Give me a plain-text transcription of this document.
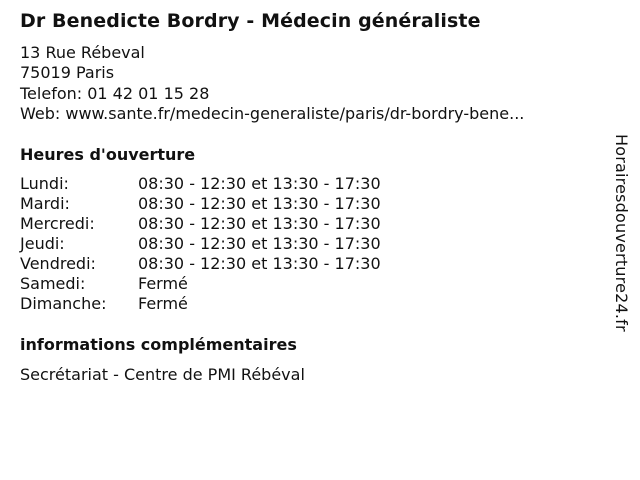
Dr Benedicte Bordry - Médecin généraliste
13 Rue Rébeval
75019 Paris
Telefon: 01 42 01 15 28
Web: www.sante.fr/medecin-generaliste/paris/dr-bordry-bene...
Heures d'ouverture
Lundi:	08:30 - 12:30 et 13:30 - 17:30
Mardi:	08:30 - 12:30 et 13:30 - 17:30
Mercredi:	08:30 - 12:30 et 13:30 - 17:30
Jeudi:	08:30 - 12:30 et 13:30 - 17:30
Vendredi:	08:30 - 12:30 et 13:30 - 17:30
Samedi:	Fermé
Dimanche:	Fermé
informations complémentaires
Secrétariat - Centre de PMI Rébéval
Horairesdouverture24.fr
